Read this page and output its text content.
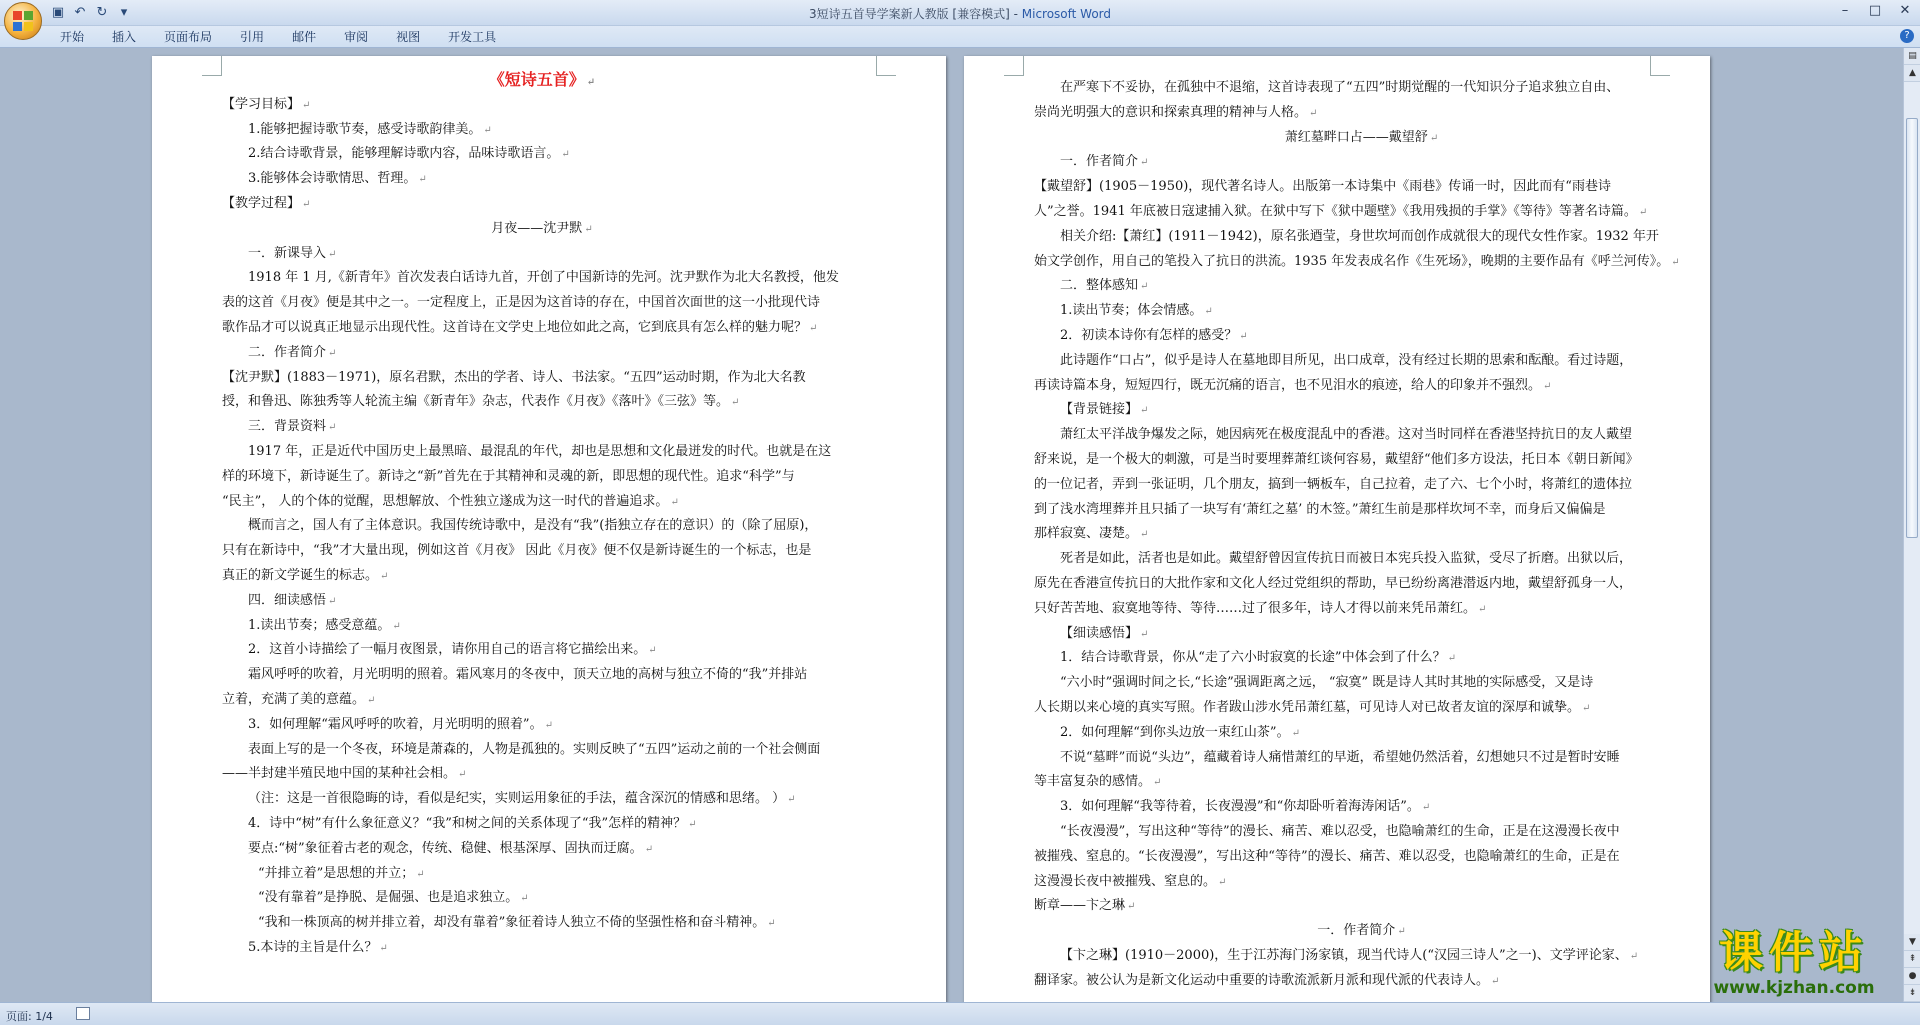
▣ ↶ ↻	▾	3短诗五首导学案新人教版 [兼容模式] - Microsoft Word	–	□	✕
开始	插入	页面布局	引用	邮件	审阅	视图	开发工具	?
《短诗五首》 ↵
【学习目标】 ↵
1.能够把握诗歌节奏，感受诗歌韵律美。 ↵
2.结合诗歌背景，能够理解诗歌内容，品味诗歌语言。 ↵
3.能够体会诗歌情思、哲理。 ↵
【教学过程】 ↵
月夜——沈尹默 ↵
一．新课导入 ↵
1918 年 1 月,《新青年》首次发表白话诗九首，开创了中国新诗的先河。沈尹默作为北大名教授，他发
表的这首《月夜》便是其中之一。一定程度上，正是因为这首诗的存在，中国首次面世的这一小批现代诗
歌作品才可以说真正地显示出现代性。这首诗在文学史上地位如此之高，它到底具有怎么样的魅力呢？ ↵
二．作者简介 ↵
【沈尹默】(1883－1971)，原名君默，杰出的学者、诗人、书法家。“五四”运动时期，作为北大名教
授，和鲁迅、陈独秀等人轮流主编《新青年》杂志，代表作《月夜》《落叶》《三弦》等。 ↵
三．背景资料 ↵
1917 年，正是近代中国历史上最黑暗、最混乱的年代，却也是思想和文化最迸发的时代。也就是在这
样的环境下，新诗诞生了。新诗之“新”首先在于其精神和灵魂的新，即思想的现代性。追求“科学”与
“民主”， 人的个体的觉醒，思想解放、个性独立遂成为这一时代的普遍追求。 ↵
概而言之，国人有了主体意识。我国传统诗歌中，是没有“我”(指独立存在的意识）的（除了屈原)，
只有在新诗中，“我”才大量出现，例如这首《月夜》 因此《月夜》便不仅是新诗诞生的一个标志，也是
真正的新文学诞生的标志。 ↵
四．细读感悟 ↵
1.读出节奏；感受意蕴。 ↵
2．这首小诗描绘了一幅月夜图景，请你用自己的语言将它描绘出来。 ↵
霜风呼呼的吹着，月光明明的照着。霜风寒月的冬夜中，顶天立地的高树与独立不倚的“我”并排站
立着，充满了美的意蕴。 ↵
3．如何理解“霜风呼呼的吹着，月光明明的照着”。 ↵
表面上写的是一个冬夜，环境是萧森的，人物是孤独的。实则反映了“五四”运动之前的一个社会侧面
——半封建半殖民地中国的某种社会相。 ↵
（注：这是一首很隐晦的诗，看似是纪实，实则运用象征的手法，蕴含深沉的情感和思绪。 ） ↵
4．诗中“树”有什么象征意义？“我”和树之间的关系体现了“我”怎样的精神？ ↵
要点:“树”象征着古老的观念，传统、稳健、根基深厚、固执而迂腐。 ↵
“并排立着”是思想的并立； ↵
“没有靠着”是挣脱、是倔强、也是追求独立。 ↵
“我和一株顶高的树并排立着，却没有靠着”象征着诗人独立不倚的坚强性格和奋斗精神。 ↵
5.本诗的主旨是什么？ ↵
在严寒下不妥协，在孤独中不退缩，这首诗表现了“五四”时期觉醒的一代知识分子追求独立自由、
崇尚光明强大的意识和探索真理的精神与人格。 ↵
萧红墓畔口占——戴望舒 ↵
一．作者简介 ↵
【戴望舒】(1905－1950)，现代著名诗人。出版第一本诗集中《雨巷》传诵一时，因此而有“雨巷诗
人”之誉。1941 年底被日寇逮捕入狱。在狱中写下《狱中题壁》《我用残损的手掌》《等待》等著名诗篇。 ↵
相关介绍:【萧红】(1911－1942)，原名张逎莹，身世坎坷而创作成就很大的现代女性作家。1932 年开
始文学创作，用自己的笔投入了抗日的洪流。1935 年发表成名作《生死场》，晚期的主要作品有《呼兰河传》。 ↵
二．整体感知 ↵
1.读出节奏；体会情感。 ↵
2．初读本诗你有怎样的感受？ ↵
此诗题作“口占”，似乎是诗人在墓地即目所见，出口成章，没有经过长期的思索和酝酿。看过诗题，
再读诗篇本身，短短四行，既无沉痛的语言，也不见泪水的痕迹，给人的印象并不强烈。 ↵
【背景链接】 ↵
萧红太平洋战争爆发之际，她因病死在极度混乱中的香港。这对当时同样在香港坚持抗日的友人戴望
舒来说，是一个极大的刺激，可是当时要埋葬萧红谈何容易，戴望舒“他们多方设法，托日本《朝日新闻》
的一位记者，弄到一张证明，几个朋友，搞到一辆板车，自己拉着，走了六、七个小时，将萧红的遗体拉
到了浅水湾埋葬并且只插了一块写有‘萧红之墓’ 的木签。”萧红生前是那样坎坷不幸，而身后又偏偏是
那样寂寞、凄楚。 ↵
死者是如此，活者也是如此。戴望舒曾因宣传抗日而被日本宪兵投入监狱，受尽了折磨。出狱以后，
原先在香港宣传抗日的大批作家和文化人经过党组织的帮助，早已纷纷离港潜返内地，戴望舒孤身一人，
只好苦苦地、寂寞地等待、等待……过了很多年，诗人才得以前来凭吊萧红。 ↵
【细读感悟】 ↵
1．结合诗歌背景，你从“走了六小时寂寞的长途”中体会到了什么？ ↵
“六小时”强调时间之长,“长途”强调距离之远， “寂寞” 既是诗人其时其地的实际感受，又是诗
人长期以来心境的真实写照。作者跋山涉水凭吊萧红墓，可见诗人对已故者友谊的深厚和诚挚。 ↵
2．如何理解“到你头边放一束红山茶”。 ↵
不说“墓畔”而说“头边”，蕴藏着诗人痛惜萧红的早逝，希望她仍然活着，幻想她只不过是暂时安睡
等丰富复杂的感情。 ↵
3．如何理解“我等待着，长夜漫漫”和“你却卧听着海涛闲话”。 ↵
“长夜漫漫”，写出这种“等待”的漫长、痛苦、难以忍受，也隐喻萧红的生命，正是在这漫漫长夜中
被摧残、窒息的。“长夜漫漫”，写出这种“等待”的漫长、痛苦、难以忍受，也隐喻萧红的生命，正是在
这漫漫长夜中被摧残、窒息的。 ↵
断章——卞之琳 ↵
一．作者简介 ↵
【卞之琳】(1910－2000)，生于江苏海门汤家镇，现当代诗人(“汉园三诗人”之一)、文学评论家、 ↵
翻译家。被公认为是新文化运动中重要的诗歌流派新月派和现代派的代表诗人。 ↵
▤
▲
▼
⇞
●
⇟
页面: 1/4
课件站
www.kjzhan.com
